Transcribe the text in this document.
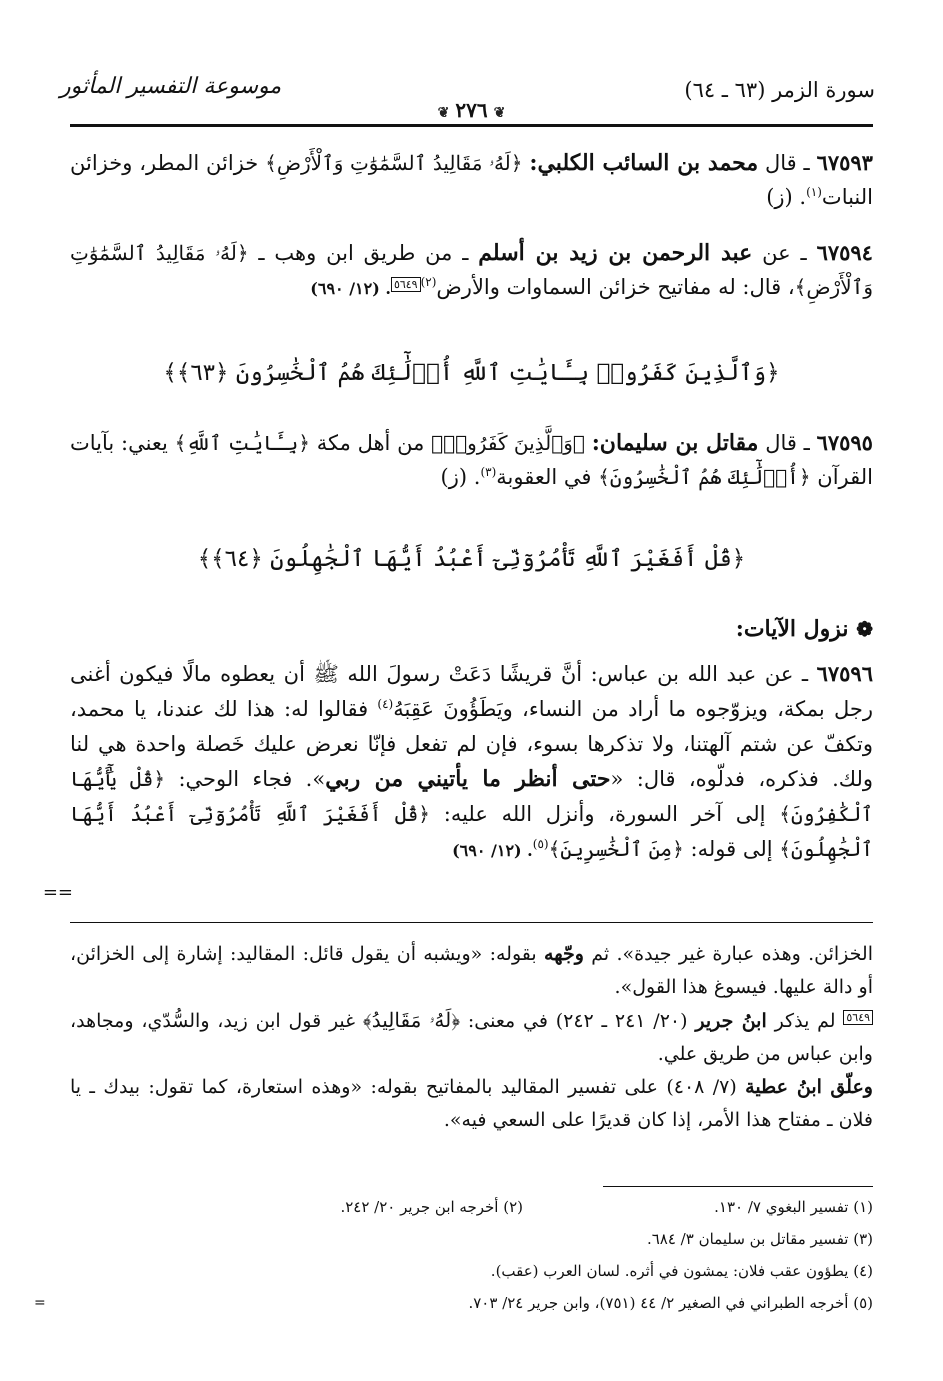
سورة الزمر (٦٣ ـ ٦٤)
موسوعة التفسير المأثور
❦ ٢٧٦ ❦
٦٧٥٩٣ ـ قال محمد بن السائب الكلبي: ﴿لَهُۥ مَقَالِيدُ ٱلسَّمَٰوَٰتِ وَٱلْأَرْضِ﴾ خزائن المطر، وخزائن النبات$^{(١)}$. (ز)
٦٧٥٩٤ ـ عن عبد الرحمن بن زيد بن أسلم ـ من طريق ابن وهب ـ ﴿لَهُۥ مَقَالِيدُ ٱلسَّمَٰوَٰتِ وَٱلْأَرْضِ﴾، قال: له مفاتيح خزائن السماوات والأرض$^{(٢)٥٦٤٩}$. (١٢/ ٦٩٠)
﴿وَٱلَّذِينَ كَفَرُوا۟ بِـَٔايَٰتِ ٱللَّهِ أُو۟لَٰٓئِكَ هُمُ ٱلْخَٰسِرُونَ ﴿٦٣﴾﴾
٦٧٥٩٥ ـ قال مقاتل بن سليمان: ﴿وَٱلَّذِينَ كَفَرُوا۟﴾ من أهل مكة ﴿بِـَٔايَٰتِ ٱللَّهِ﴾ يعني: بآيات القرآن ﴿أُو۟لَٰٓئِكَ هُمُ ٱلْخَٰسِرُونَ﴾ في العقوبة$^{(٣)}$. (ز)
﴿قُلْ أَفَغَيْرَ ٱللَّهِ تَأْمُرُوٓنِّىٓ أَعْبُدُ أَيُّهَا ٱلْجَٰهِلُونَ ﴿٦٤﴾﴾
❁ نزول الآيات:
٦٧٥٩٦ ـ عن عبد الله بن عباس: أنَّ قريشًا دَعَتْ رسولَ الله ﷺ أن يعطوه مالًا فيكون أغنى رجل بمكة، ويزوّجوه ما أراد من النساء، ويَطَؤُونَ عَقِبَهُ$^{(٤)}$ فقالوا له: هذا لك عندنا، يا محمد، وتكفّ عن شتم آلهتنا، ولا تذكرها بسوء، فإن لم تفعل فإنّا نعرض عليك خَصلة واحدة هي لنا ولك. فذكره، فدلّوه، قال: «حتى أنظر ما يأتيني من ربي». فجاء الوحي: ﴿قُلْ يَٰٓأَيُّهَا ٱلْكَٰفِرُونَ﴾ إلى آخر السورة، وأنزل الله عليه: ﴿قُلْ أَفَغَيْرَ ٱللَّهِ تَأْمُرُوٓنِّىٓ أَعْبُدُ أَيُّهَا ٱلْجَٰهِلُونَ﴾ إلى قوله: ﴿مِنَ ٱلْخَٰسِرِينَ﴾$^{(٥)}$. (١٢/ ٦٩٠)
==
الخزائن. وهذه عبارة غير جيدة». ثم وجّهه بقوله: «ويشبه أن يقول قائل: المقاليد: إشارة إلى الخزائن، أو دالة عليها. فيسوغ هذا القول».
$^{٥٦٤٩}$ لم يذكر ابنُ جرير (٢٠/ ٢٤١ ـ ٢٤٢) في معنى: ﴿لَهُۥ مَقَالِيدُ﴾ غير قول ابن زيد، والسُّدّي، ومجاهد، وابن عباس من طريق علي.
وعلّق ابنُ عطية (٧/ ٤٠٨) على تفسير المقاليد بالمفاتيح بقوله: «وهذه استعارة، كما تقول: بيدك ـ يا فلان ـ مفتاح هذا الأمر، إذا كان قديرًا على السعي فيه».
(١) تفسير البغوي ٧/ ١٣٠.
(٢) أخرجه ابن جرير ٢٠/ ٢٤٢.
(٣) تفسير مقاتل بن سليمان ٣/ ٦٨٤.
(٤) يطؤون عقب فلان: يمشون في أثره. لسان العرب (عقب).
(٥) أخرجه الطبراني في الصغير ٢/ ٤٤ (٧٥١)، وابن جرير ٢٤/ ٧٠٣.
=
